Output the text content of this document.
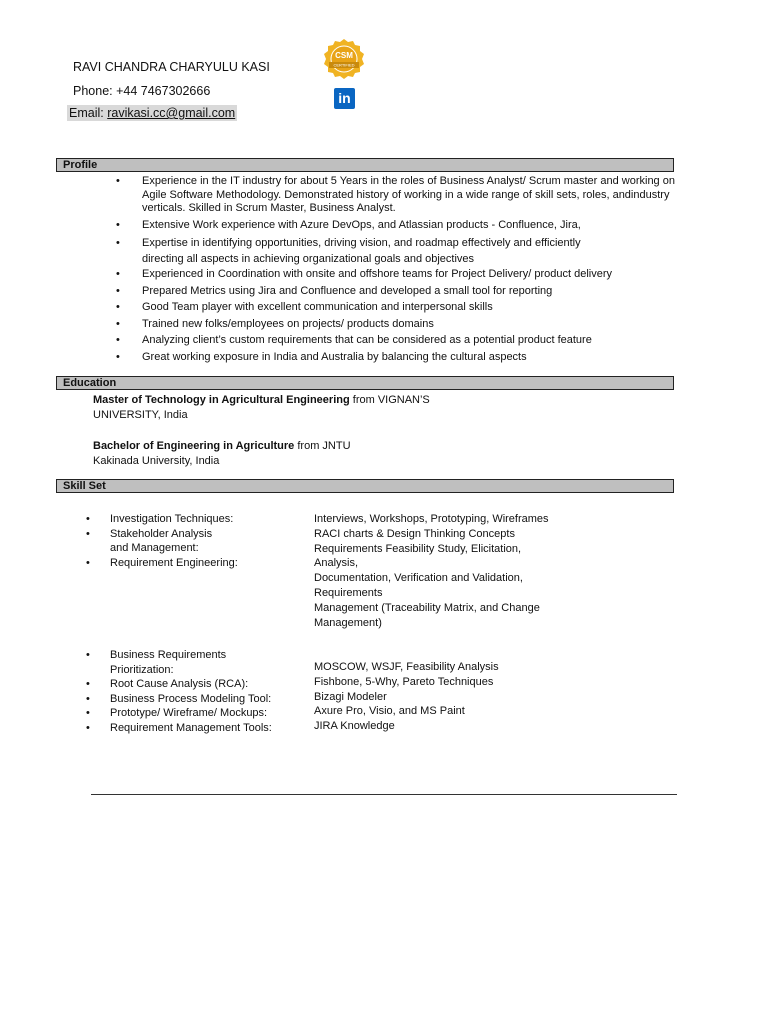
RAVI CHANDRA CHARYULU KASI
Phone: +44 7467302666
Email: ravikasi.cc@gmail.com
CSM
CERTIFIED
in
Profile
• Experience in the IT industry for about 5 Years in the roles of Business Analyst/ Scrum master and working on Agile Software Methodology. Demonstrated history of working in a wide range of skill sets, roles, andindustry verticals. Skilled in Scrum Master, Business Analyst.
• Extensive Work experience with Azure DevOps, and Atlassian products - Confluence, Jira,
• Expertise in identifying opportunities, driving vision, and roadmap effectively and efficiently directing all aspects in achieving organizational goals and objectives
• Experienced in Coordination with onsite and offshore teams for Project Delivery/ product delivery
• Prepared Metrics using Jira and Confluence and developed a small tool for reporting
• Good Team player with excellent communication and interpersonal skills
• Trained new folks/employees on projects/ products domains
• Analyzing client’s custom requirements that can be considered as a potential product feature
• Great working exposure in India and Australia by balancing the cultural aspects
Education
Master of Technology in Agricultural Engineering from VIGNAN’S
UNIVERSITY, India
Bachelor of Engineering in Agriculture from JNTU
Kakinada University, India
Skill Set
• Investigation Techniques:
• Stakeholder Analysis and Management:
• Requirement Engineering:
Interviews, Workshops, Prototyping, Wireframes
RACI charts & Design Thinking Concepts
Requirements Feasibility Study, Elicitation, Analysis,
Documentation, Verification and Validation, Requirements
Management (Traceability Matrix, and Change Management)
• Business Requirements Prioritization:
• Root Cause Analysis (RCA):
• Business Process Modeling Tool:
• Prototype/ Wireframe/ Mockups:
• Requirement Management Tools:
MOSCOW, WSJF, Feasibility Analysis
Fishbone, 5-Why, Pareto Techniques
Bizagi Modeler
Axure Pro, Visio, and MS Paint
JIRA Knowledge
